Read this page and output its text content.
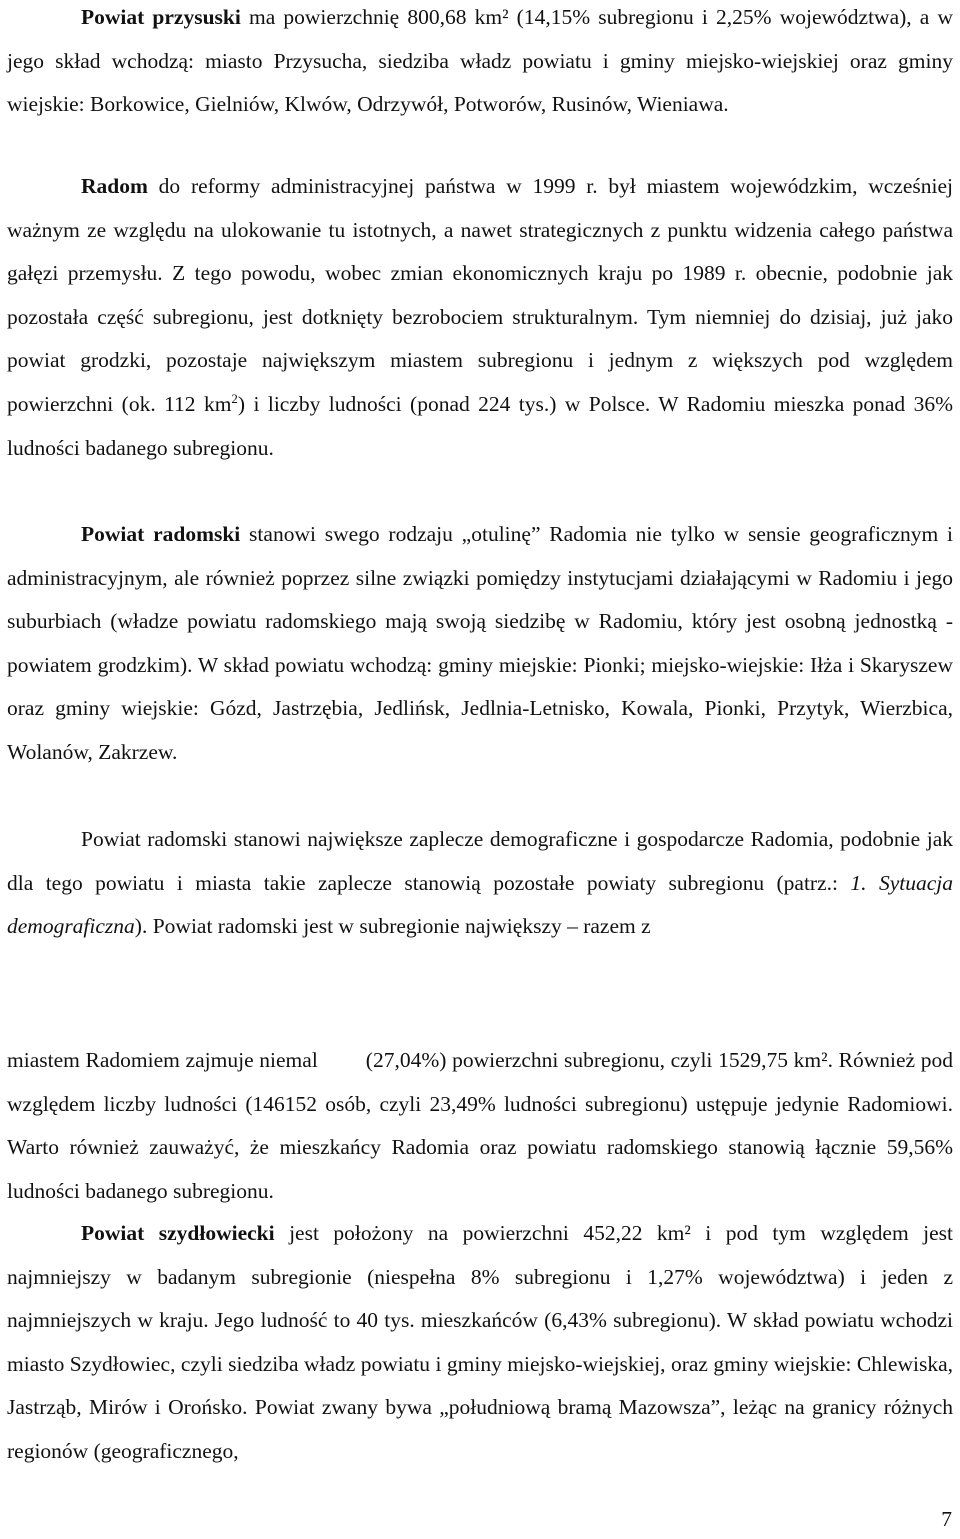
Powiat przysuski ma powierzchnię 800,68 km² (14,15% subregionu i 2,25% województwa), a w jego skład wchodzą: miasto Przysucha, siedziba władz powiatu i gminy miejsko-wiejskiej oraz gminy wiejskie: Borkowice, Gielniów, Klwów, Odrzywół, Potworów, Rusinów, Wieniawa.

Radom do reformy administracyjnej państwa w 1999 r. był miastem wojewódzkim, wcześniej ważnym ze względu na ulokowanie tu istotnych, a nawet strategicznych z punktu widzenia całego państwa gałęzi przemysłu. Z tego powodu, wobec zmian ekonomicznych kraju po 1989 r. obecnie, podobnie jak pozostała część subregionu, jest dotknięty bezrobociem strukturalnym. Tym niemniej do dzisiaj, już jako powiat grodzki, pozostaje największym miastem subregionu i jednym z większych pod względem powierzchni (ok. 112 $km^2$) i liczby ludności (ponad 224 tys.) w Polsce. W Radomiu mieszka ponad 36% ludności badanego subregionu.

Powiat radomski stanowi swego rodzaju „otulinę” Radomia nie tylko w sensie geograficznym i administracyjnym, ale również poprzez silne związki pomiędzy instytucjami działającymi w Radomiu i jego suburbiach (władze powiatu radomskiego mają swoją siedzibę w Radomiu, który jest osobną jednostką - powiatem grodzkim). W skład powiatu wchodzą: gminy miejskie: Pionki; miejsko-wiejskie: Iłża i Skaryszew oraz gminy wiejskie: Gózd, Jastrzębia, Jedlińsk, Jedlnia-Letnisko, Kowala, Pionki, Przytyk, Wierzbica, Wolanów, Zakrzew.

Powiat radomski stanowi największe zaplecze demograficzne i gospodarcze Radomia, podobnie jak dla tego powiatu i miasta takie zaplecze stanowią pozostałe powiaty subregionu (patrz.: 1. Sytuacja demograficzna). Powiat radomski jest w subregionie największy – razem z

miastem Radomiem zajmuje niemal (27,04%) powierzchni subregionu, czyli 1529,75 km². Również pod względem liczby ludności (146152 osób, czyli 23,49% ludności subregionu) ustępuje jedynie Radomiowi. Warto również zauważyć, że mieszkańcy Radomia oraz powiatu radomskiego stanowią łącznie 59,56% ludności badanego subregionu.

Powiat szydłowiecki jest położony na powierzchni 452,22 km² i pod tym względem jest najmniejszy w badanym subregionie (niespełna 8% subregionu i 1,27% województwa) i jeden z najmniejszych w kraju. Jego ludność to 40 tys. mieszkańców (6,43% subregionu). W skład powiatu wchodzi miasto Szydłowiec, czyli siedziba władz powiatu i gminy miejsko-wiejskiej, oraz gminy wiejskie: Chlewiska, Jastrząb, Mirów i Orońsko. Powiat zwany bywa „południową bramą Mazowsza”, leżąc na granicy różnych regionów (geograficznego,

7
